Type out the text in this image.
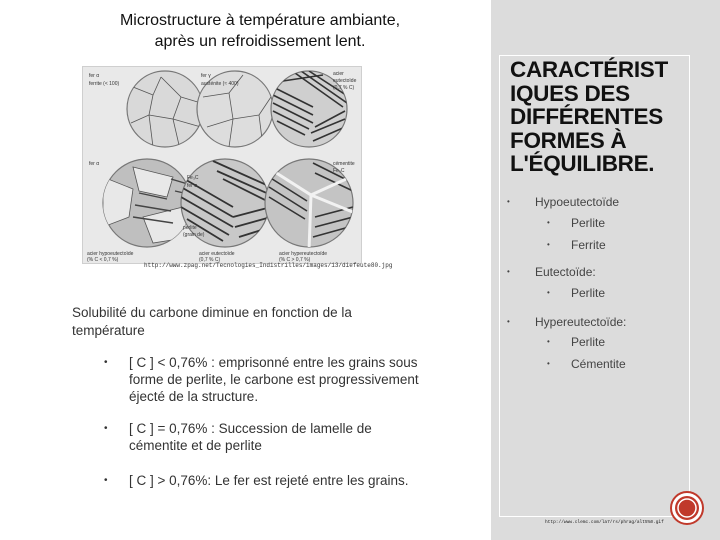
Microstructure à température ambiante,
après un refroidissement lent.
fer α
ferrite (< 100)
fer γ
austénite (≈ 400)
acier
eutectoïde
(0,7 % C)
fer α	cémentite
Fe₃C
Fe₃C
fer α
perlite
(grain de)
acier hypoeutectoïde
(% C < 0,7 %)
acier eutectoïde
(0,7 % C)
acier hypereutectoïde
(% C > 0,7 %)
http://www.zpag.net/Tecnologies_Indistrilles/images/13/diefeute80.jpg
Solubilité du carbone diminue en fonction de la température
• [ C ] < 0,76% : emprisonné entre les grains sous forme de perlite, le carbone est progressivement éjecté de la structure.
• [ C ] = 0,76% : Succession de lamelle de cémentite et de perlite
• [ C ] > 0,76%: Le fer est rejeté entre les grains.
CARACTÉRIST
IQUES DES
DIFFÉRENTES
FORMES À
L'ÉQUILIBRE.
• Hypoeutectoïde
• Perlite
• Ferrite
• Eutectoïde:
• Perlite
• Hypereutectoïde:
• Perlite
• Cémentite
http://www.clemc.com/la7/rs/phrag/alt5%0.gif
